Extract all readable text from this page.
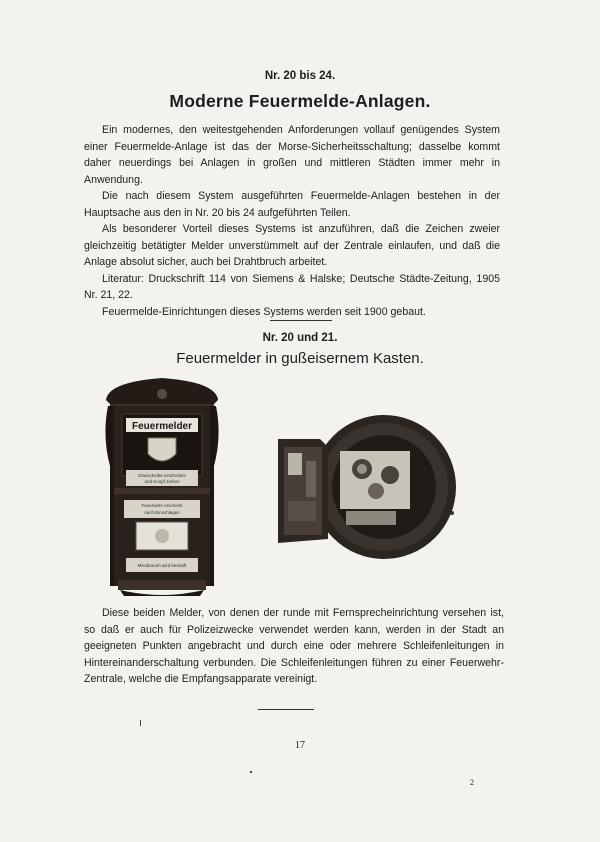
Nr. 20 bis 24.
Moderne Feuermelde-Anlagen.

Ein modernes, den weitestgehenden Anforderungen vollauf genügendes System einer Feuermelde-Anlage ist das der Morse-Sicherheitsschaltung; dasselbe kommt daher neuerdings bei Anlagen in großen und mittleren Städten immer mehr in Anwendung.

Die nach diesem System ausgeführten Feuermelde-Anlagen bestehen in der Hauptsache aus den in Nr. 20 bis 24 aufgeführten Teilen.

Als besonderer Vorteil dieses Systems ist anzuführen, daß die Zeichen zweier gleichzeitig betätigter Melder unverstümmelt auf der Zentrale einlaufen, und daß die Anlage absolut sicher, auch bei Drahtbruch arbeitet.

Literatur: Druckschrift 114 von Siemens & Halske; Deutsche Städte-Zeitung, 1905 Nr. 21, 22.

Feuermelde-Einrichtungen dieses Systems werden seit 1900 gebaut.

Nr. 20 und 21.
Feuermelder in gußeisernem Kasten.
Feuermelder
Glasscheibe eindrücken
und Knopf ziehen
Feuerwehr erscheint
nach Einschlagen
Missbrauch wird bestraft

Diese beiden Melder, von denen der runde mit Fernsprecheinrichtung versehen ist, so daß er auch für Polizeizwecke verwendet werden kann, werden in der Stadt an geeigneten Punkten angebracht und durch eine oder mehrere Schleifenleitungen in Hintereinanderschaltung verbunden. Die Schleifenleitungen führen zu einer Feuerwehr-Zentrale, welche die Empfangsapparate vereinigt.

17
2
